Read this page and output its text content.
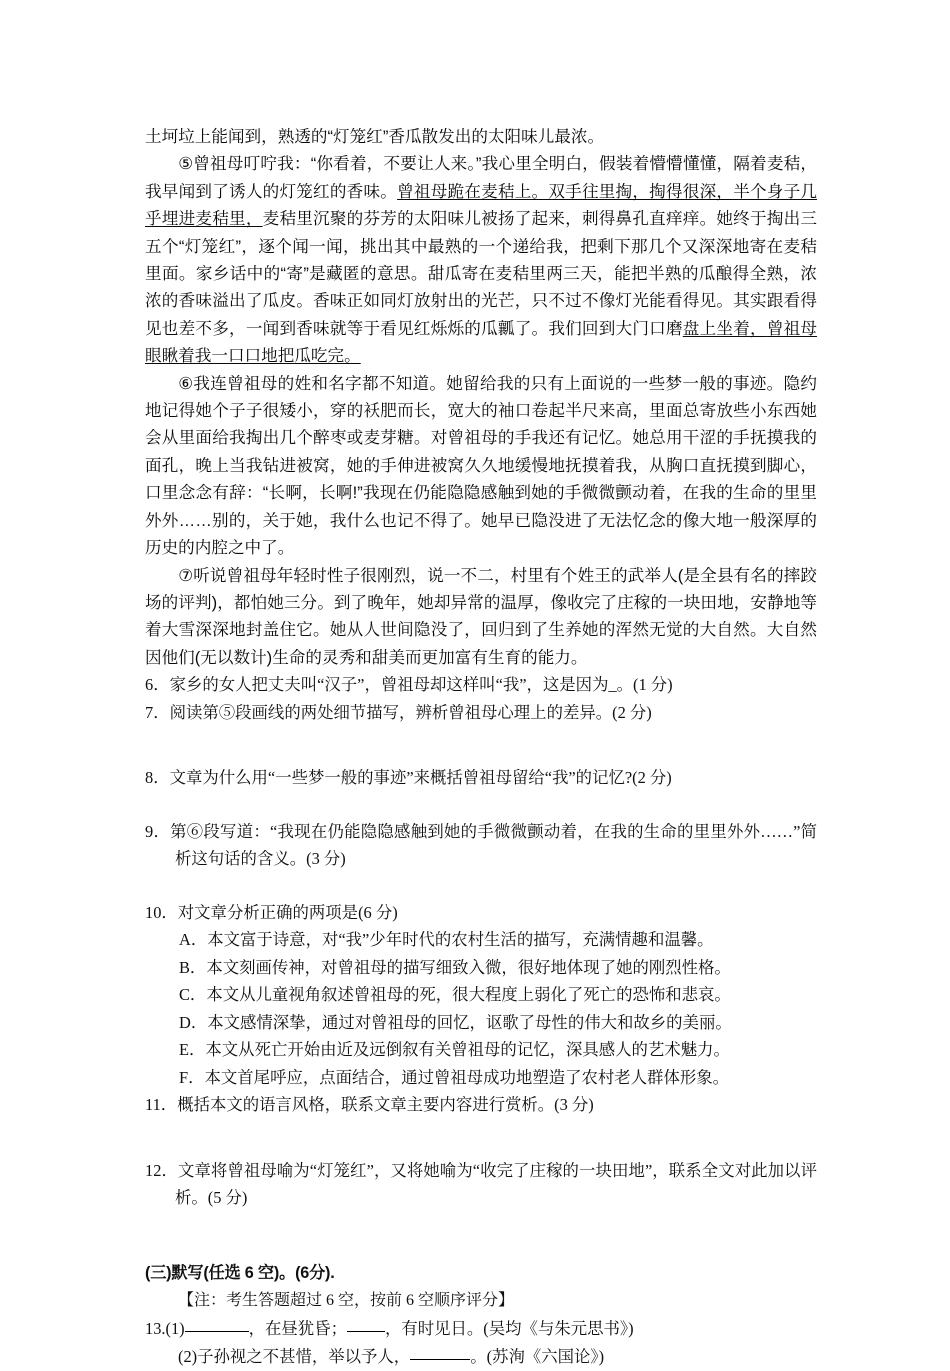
土坷垃上能闻到，熟透的“灯笼红”香瓜散发出的太阳味儿最浓。

⑤曾祖母叮咛我：“你看着，不要让人来。”我心里全明白，假装着懵懵懂懂，隔着麦秸，我早闻到了诱人的灯笼红的香味。曾祖母跪在麦秸上。双手往里掏，掏得很深，半个身子几乎埋进麦秸里，麦秸里沉聚的芬芳的太阳味儿被扬了起来，刺得鼻孔直痒痒。她终于掏出三五个“灯笼红”，逐个闻一闻，挑出其中最熟的一个递给我，把剩下那几个又深深地寄在麦秸里面。家乡话中的“寄”是藏匿的意思。甜瓜寄在麦秸里两三天，能把半熟的瓜酿得全熟，浓浓的香味溢出了瓜皮。香味正如同灯放射出的光芒，只不过不像灯光能看得见。其实跟看得见也差不多，一闻到香味就等于看见红烁烁的瓜瓤了。我们回到大门口磨盘上坐着，曾祖母眼瞅着我一口口地把瓜吃完。

⑥我连曾祖母的姓和名字都不知道。她留给我的只有上面说的一些梦一般的事迹。隐约地记得她个子子很矮小，穿的袄肥而长，宽大的袖口卷起半尺来高，里面总寄放些小东西她会从里面给我掏出几个醉枣或麦芽糖。对曾祖母的手我还有记忆。她总用干涩的手抚摸我的面孔，晚上当我钻进被窝，她的手伸进被窝久久地缓慢地抚摸着我，从胸口直抚摸到脚心，口里念念有辞：“长啊，长啊!”我现在仍能隐隐感触到她的手微微颤动着，在我的生命的里里外外……别的，关于她，我什么也记不得了。她早已隐没进了无法忆念的像大地一般深厚的历史的内腔之中了。

⑦听说曾祖母年轻时性子很刚烈，说一不二，村里有个姓王的武举人(是全县有名的摔跤场的评判)，都怕她三分。到了晚年，她却异常的温厚，像收完了庄稼的一块田地，安静地等着大雪深深地封盖住它。她从人世间隐没了，回归到了生养她的浑然无觉的大自然。大自然因他们(无以数计)生命的灵秀和甜美而更加富有生育的能力。

6．家乡的女人把丈夫叫“汉子”，曾祖母却这样叫“我”，这是因为_。(1 分)

7．阅读第⑤段画线的两处细节描写，辨析曾祖母心理上的差异。(2 分)

8．文章为什么用“一些梦一般的事迹”来概括曾祖母留给“我”的记忆?(2 分)

9．第⑥段写道：“我现在仍能隐隐感触到她的手微微颤动着，在我的生命的里里外外……”简析这句话的含义。(3 分)

10．对文章分析正确的两项是(6 分)

A．本文富于诗意，对“我”少年时代的农村生活的描写，充满情趣和温馨。

B．本文刻画传神，对曾祖母的描写细致入微，很好地体现了她的刚烈性格。

C．本文从儿童视角叙述曾祖母的死，很大程度上弱化了死亡的恐怖和悲哀。

D．本文感情深挚，通过对曾祖母的回忆，讴歌了母性的伟大和故乡的美丽。

E．本文从死亡开始由近及远倒叙有关曾祖母的记忆，深具感人的艺术魅力。

F．本文首尾呼应，点面结合，通过曾祖母成功地塑造了农村老人群体形象。

11．概括本文的语言风格，联系文章主要内容进行赏析。(3 分)

12．文章将曾祖母喻为“灯笼红”，又将她喻为“收完了庄稼的一块田地”，联系全文对此加以评析。(5 分)

(三)默写(任选 6 空)。(6分).

【注：考生答题超过 6 空，按前 6 空顺序评分】

13.(1)	，在昼犹昏； ，有时见日。(吴均《与朱元思书》)

(2)子孙视之不甚惜，举以予人，	。(苏洵《六国论》)
